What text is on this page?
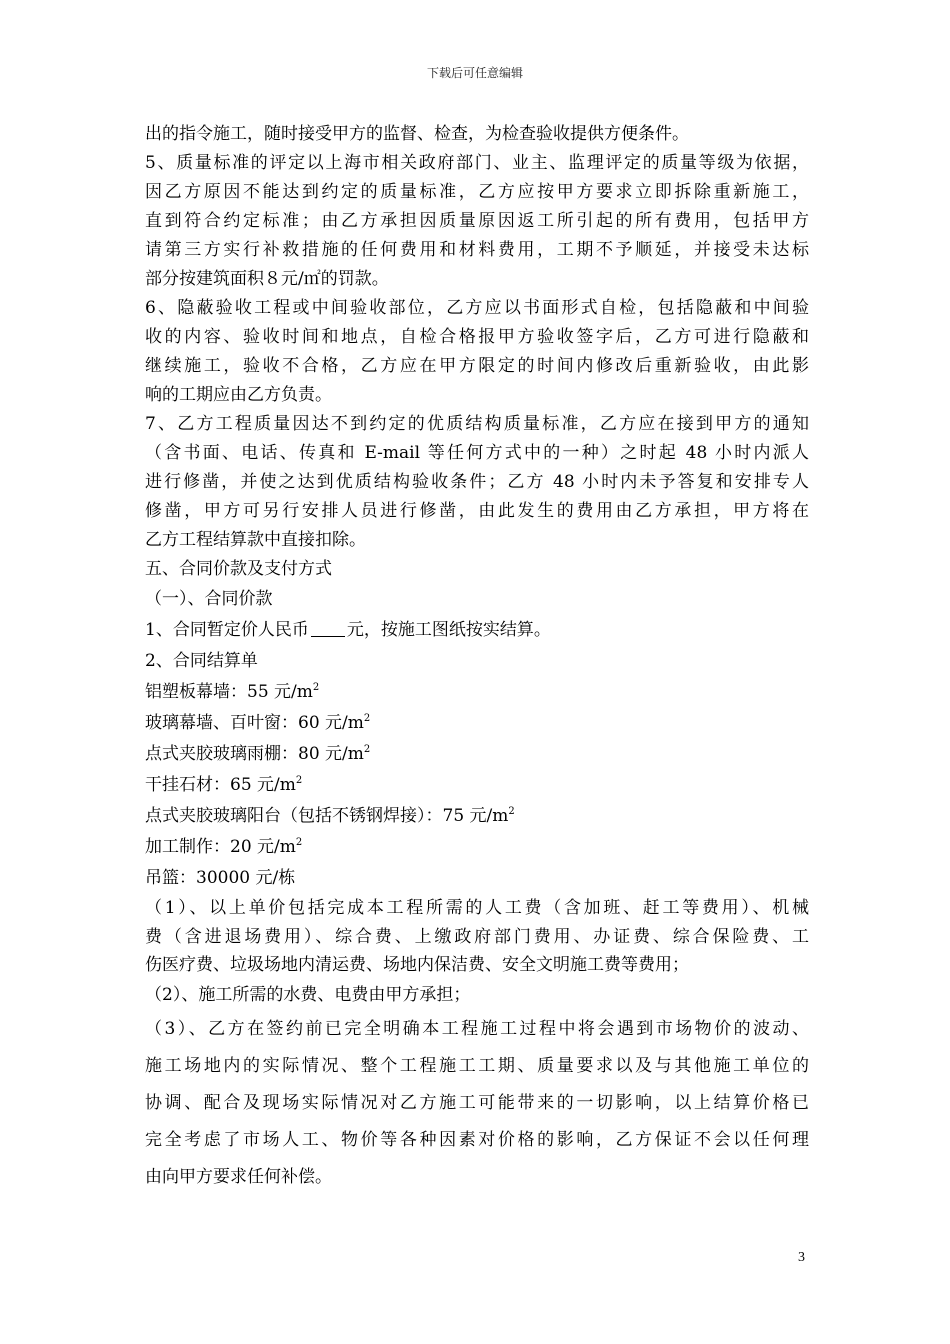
下载后可任意编辑
出的指令施工，随时接受甲方的监督、检查，为检查验收提供方便条件。
5、质量标准的评定以上海市相关政府部门、业主、监理评定的质量等级为依据，
因乙方原因不能达到约定的质量标准，乙方应按甲方要求立即拆除重新施工，
直到符合约定标准；由乙方承担因质量原因返工所引起的所有费用，包括甲方
请第三方实行补救措施的任何费用和材料费用，工期不予顺延，并接受未达标
部分按建筑面积８元/㎡的罚款。
6、隐蔽验收工程或中间验收部位，乙方应以书面形式自检，包括隐蔽和中间验
收的内容、验收时间和地点，自检合格报甲方验收签字后，乙方可进行隐蔽和
继续施工，验收不合格，乙方应在甲方限定的时间内修改后重新验收，由此影
响的工期应由乙方负责。
7、乙方工程质量因达不到约定的优质结构质量标准，乙方应在接到甲方的通知
（含书面、电话、传真和 E-mail 等任何方式中的一种）之时起 48 小时内派人
进行修凿，并使之达到优质结构验收条件；乙方 48 小时内未予答复和安排专人
修凿，甲方可另行安排人员进行修凿，由此发生的费用由乙方承担，甲方将在
乙方工程结算款中直接扣除。
五、合同价款及支付方式
（一）、合同价款
1、合同暂定价人民币 元，按施工图纸按实结算。
2、合同结算单
铝塑板幕墙：55 元$/m^2$
玻璃幕墙、百叶窗：60 元$/m^2$
点式夹胶玻璃雨棚：80 元$/m^2$
干挂石材：65 元$/m^2$
点式夹胶玻璃阳台（包括不锈钢焊接）：75 元$/m^2$
加工制作：20 元$/m^2$
吊篮：30000 元/栋
（1）、以上单价包括完成本工程所需的人工费（含加班、赶工等费用）、机械
费（含进退场费用）、综合费、上缴政府部门费用、办证费、综合保险费、工
伤医疗费、垃圾场地内清运费、场地内保洁费、安全文明施工费等费用；
（2）、施工所需的水费、电费由甲方承担；
（3）、乙方在签约前已完全明确本工程施工过程中将会遇到市场物价的波动、
施工场地内的实际情况、整个工程施工工期、质量要求以及与其他施工单位的
协调、配合及现场实际情况对乙方施工可能带来的一切影响，以上结算价格已
完全考虑了市场人工、物价等各种因素对价格的影响，乙方保证不会以任何理
由向甲方要求任何补偿。
3
